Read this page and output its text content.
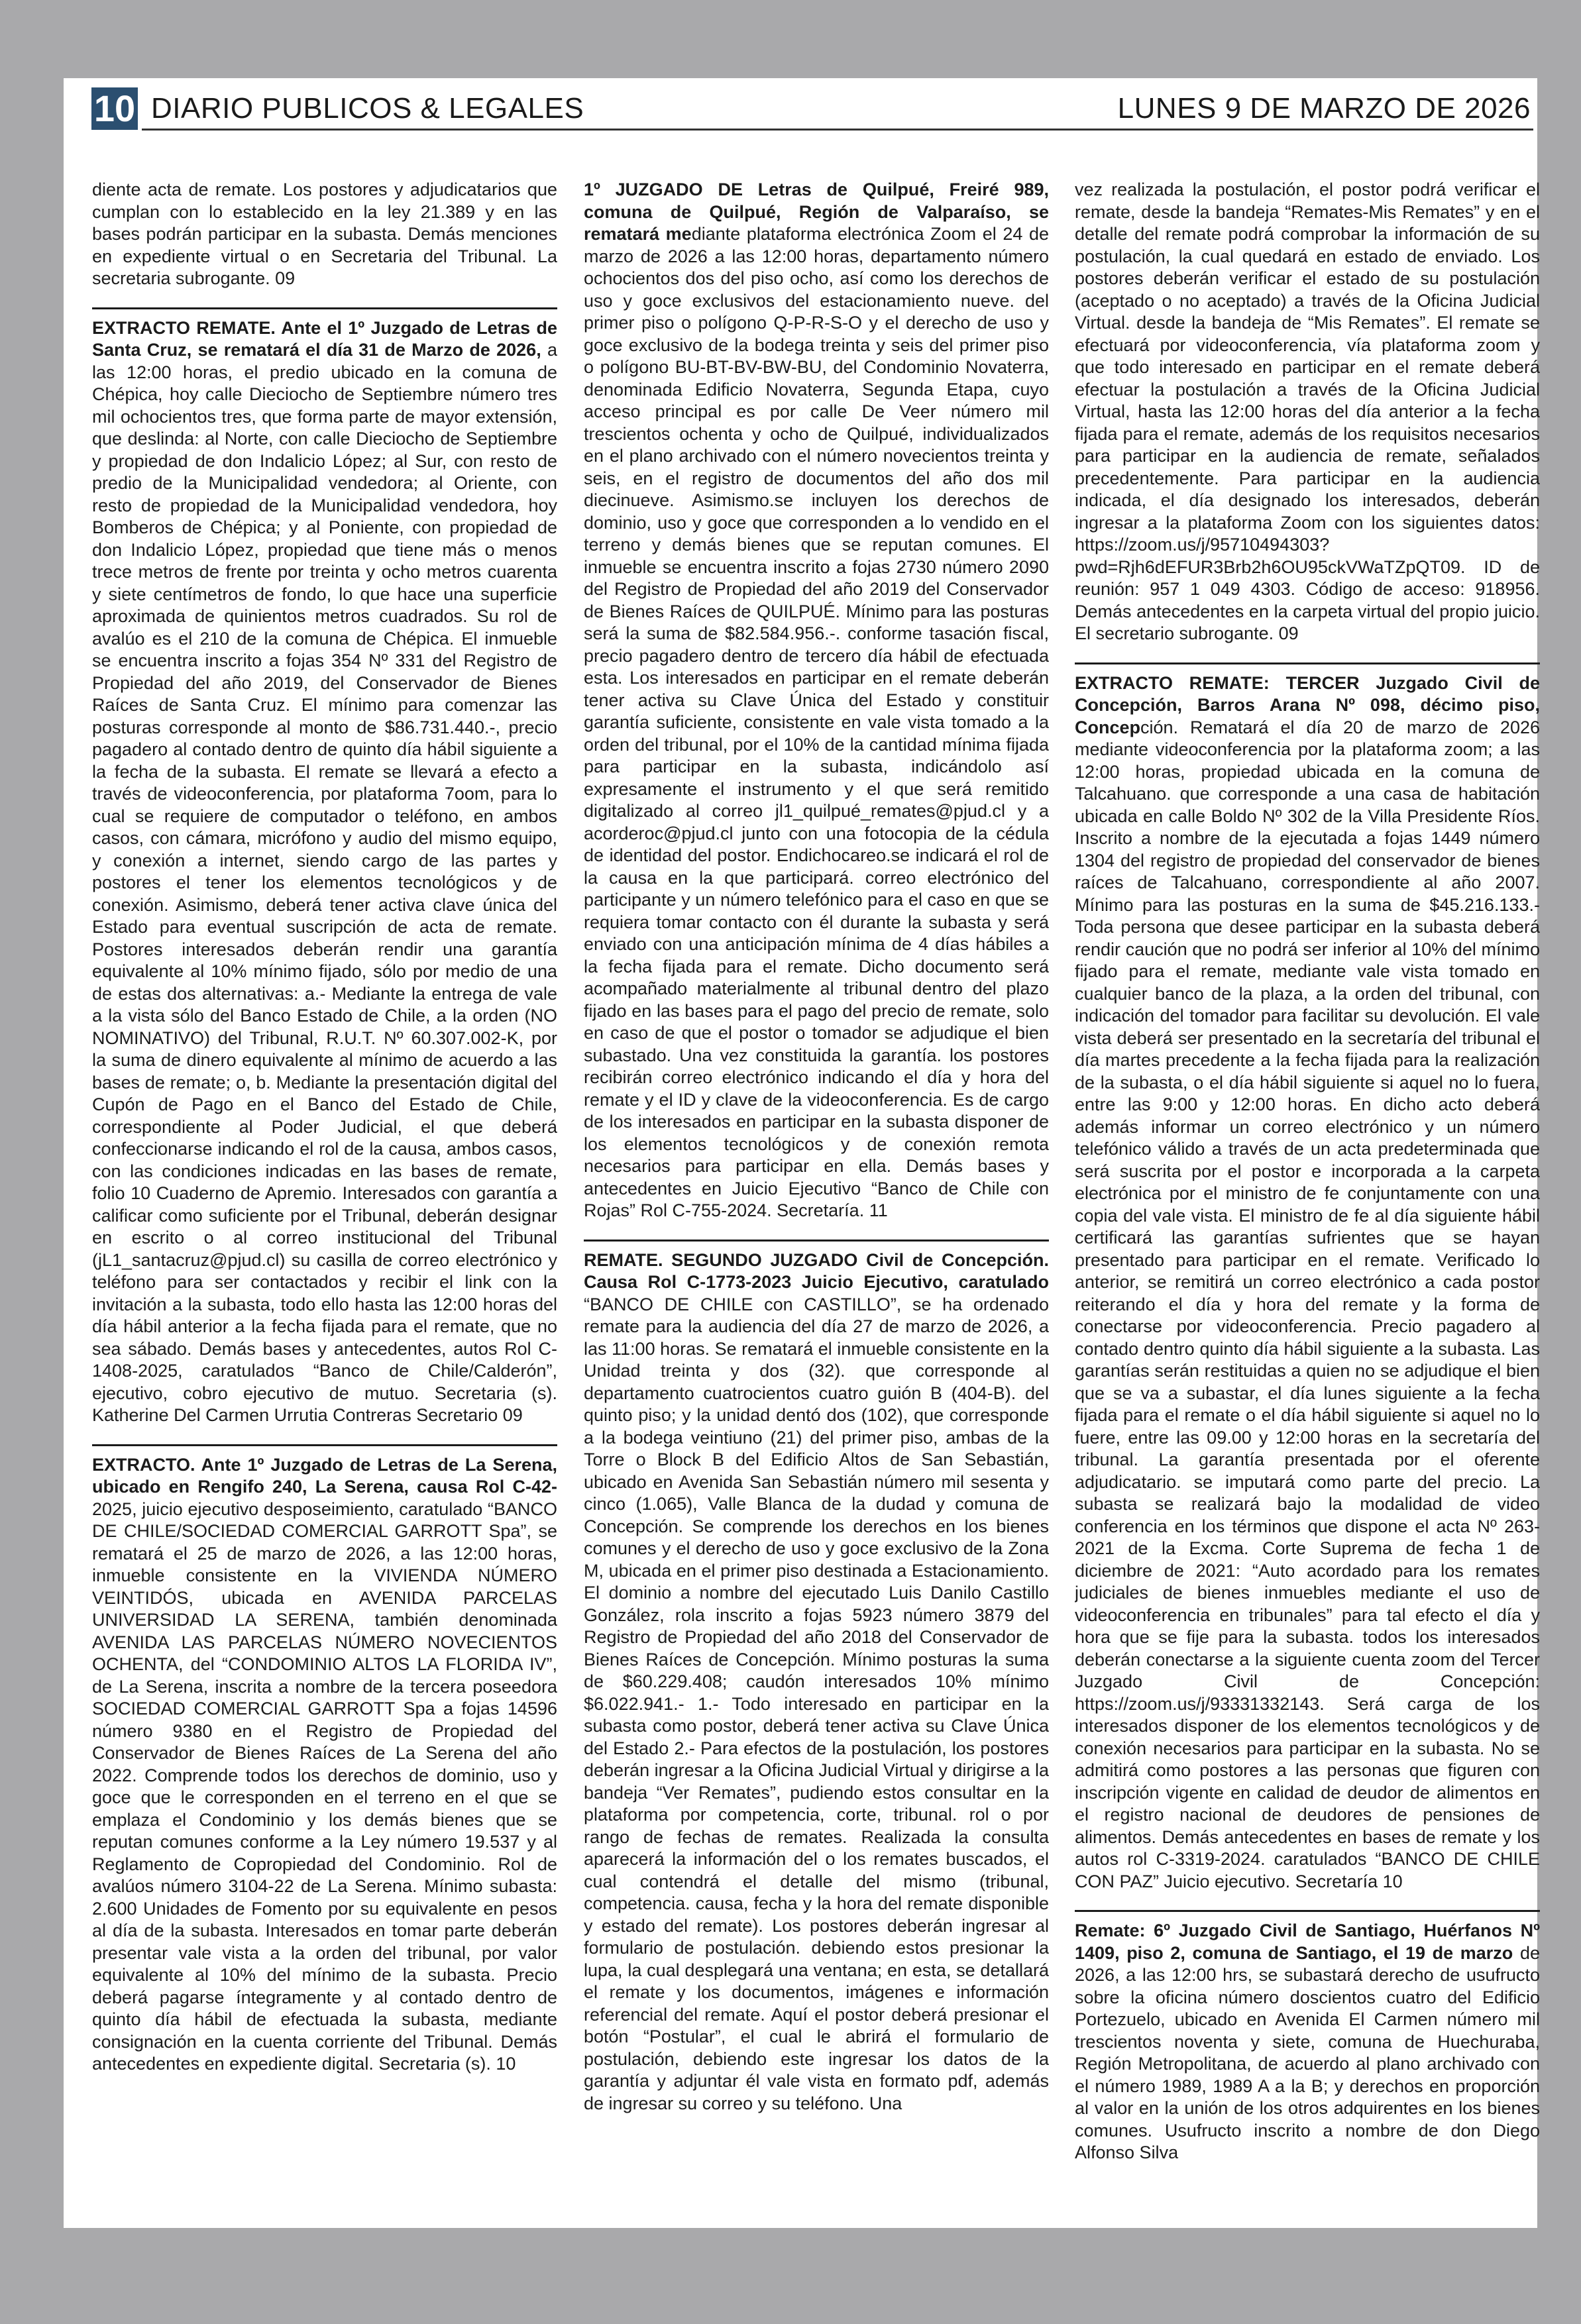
10 DIARIO PUBLICOS & LEGALES	LUNES 9 DE MARZO DE 2026

diente acta de remate. Los postores y adjudicatarios que cumplan con lo establecido en la ley 21.389 y en las bases podrán participar en la subasta. Demás menciones en expediente virtual o en Secretaria del Tribunal. La secretaria subrogante. 09

EXTRACTO REMATE. Ante el 1º Juzgado de Letras de Santa Cruz, se rematará el día 31 de Marzo de 2026, a las 12:00 horas, el predio ubicado en la comuna de Chépica, hoy calle Dieciocho de Septiembre número tres mil ochocientos tres, que forma parte de mayor extensión, que deslinda: al Norte, con calle Dieciocho de Septiembre y propiedad de don Indalicio López; al Sur, con resto de predio de la Municipalidad vendedora; al Oriente, con resto de propiedad de la Municipalidad vendedora, hoy Bomberos de Chépica; y al Poniente, con propiedad de don Indalicio López, propiedad que tiene más o menos trece metros de frente por treinta y ocho metros cuarenta y siete centímetros de fondo, lo que hace una superficie aproximada de quinientos metros cuadrados. Su rol de avalúo es el 210 de la comuna de Chépica. El inmueble se encuentra inscrito a fojas 354 Nº 331 del Registro de Propiedad del año 2019, del Conservador de Bienes Raíces de Santa Cruz. El mínimo para comenzar las posturas corresponde al monto de $86.731.440.-, precio pagadero al contado dentro de quinto día hábil siguiente a la fecha de la subasta. El remate se llevará a efecto a través de videoconferencia, por plataforma 7oom, para lo cual se requiere de computador o teléfono, en ambos casos, con cámara, micrófono y audio del mismo equipo, y conexión a internet, siendo cargo de las partes y postores el tener los elementos tecnológicos y de conexión. Asimismo, deberá tener activa clave única del Estado para eventual suscripción de acta de remate. Postores interesados deberán rendir una garantía equivalente al 10% mínimo fijado, sólo por medio de una de estas dos alternativas: a.- Mediante la entrega de vale a la vista sólo del Banco Estado de Chile, a la orden (NO NOMINATIVO) del Tribunal, R.U.T. Nº 60.307.002-K, por la suma de dinero equivalente al mínimo de acuerdo a las bases de remate; o, b. Mediante la presentación digital del Cupón de Pago en el Banco del Estado de Chile, correspondiente al Poder Judicial, el que deberá confeccionarse indicando el rol de la causa, ambos casos, con las condiciones indicadas en las bases de remate, folio 10 Cuaderno de Apremio. Interesados con garantía a calificar como suficiente por el Tribunal, deberán designar en escrito o al correo institucional del Tribunal (jL1_santacruz@pjud.cl) su casilla de correo electrónico y teléfono para ser contactados y recibir el link con la invitación a la subasta, todo ello hasta las 12:00 horas del día hábil anterior a la fecha fijada para el remate, que no sea sábado. Demás bases y antecedentes, autos Rol C-1408-2025, caratulados “Banco de Chile/Calderón”, ejecutivo, cobro ejecutivo de mutuo. Secretaria (s). Katherine Del Carmen Urrutia Contreras Secretario 09

EXTRACTO. Ante 1º Juzgado de Letras de La Serena, ubicado en Rengifo 240, La Serena, causa Rol C-42-2025, juicio ejecutivo desposeimiento, caratulado “BANCO DE CHILE/SOCIEDAD COMERCIAL GARROTT Spa”, se rematará el 25 de marzo de 2026, a las 12:00 horas, inmueble consistente en la VIVIENDA NÚMERO VEINTIDÓS, ubicada en AVENIDA PARCELAS UNIVERSIDAD LA SERENA, también denominada AVENIDA LAS PARCELAS NÚMERO NOVECIENTOS OCHENTA, del “CONDOMINIO ALTOS LA FLORIDA IV”, de La Serena, inscrita a nombre de la tercera poseedora SOCIEDAD COMERCIAL GARROTT Spa a fojas 14596 número 9380 en el Registro de Propiedad del Conservador de Bienes Raíces de La Serena del año 2022. Comprende todos los derechos de dominio, uso y goce que le corresponden en el terreno en el que se emplaza el Condominio y los demás bienes que se reputan comunes conforme a la Ley número 19.537 y al Reglamento de Copropiedad del Condominio. Rol de avalúos número 3104-22 de La Serena. Mínimo subasta: 2.600 Unidades de Fomento por su equivalente en pesos al día de la subasta. Interesados en tomar parte deberán presentar vale vista a la orden del tribunal, por valor equivalente al 10% del mínimo de la subasta. Precio deberá pagarse íntegramente y al contado dentro de quinto día hábil de efectuada la subasta, mediante consignación en la cuenta corriente del Tribunal. Demás antecedentes en expediente digital. Secretaria (s). 10

1º JUZGADO DE Letras de Quilpué, Freiré 989, comuna de Quilpué, Región de Valparaíso, se rematará mediante plataforma electrónica Zoom el 24 de marzo de 2026 a las 12:00 horas, departamento número ochocientos dos del piso ocho, así como los derechos de uso y goce exclusivos del estacionamiento nueve. del primer piso o polígono Q-P-R-S-O y el derecho de uso y goce exclusivo de la bodega treinta y seis del primer piso o polígono BU-BT-BV-BW-BU, del Condominio Novaterra, denominada Edificio Novaterra, Segunda Etapa, cuyo acceso principal es por calle De Veer número mil trescientos ochenta y ocho de Quilpué, individualizados en el plano archivado con el número novecientos treinta y seis, en el registro de documentos del año dos mil diecinueve. Asimismo.se incluyen los derechos de dominio, uso y goce que corresponden a lo vendido en el terreno y demás bienes que se reputan comunes. El inmueble se encuentra inscrito a fojas 2730 número 2090 del Registro de Propiedad del año 2019 del Conservador de Bienes Raíces de QUILPUÉ. Mínimo para las posturas será la suma de $82.584.956.-. conforme tasación fiscal, precio pagadero dentro de tercero día hábil de efectuada esta. Los interesados en participar en el remate deberán tener activa su Clave Única del Estado y constituir garantía suficiente, consistente en vale vista tomado a la orden del tribunal, por el 10% de la cantidad mínima fijada para participar en la subasta, indicándolo así expresamente el instrumento y el que será remitido digitalizado al correo jl1_quilpué_remates@pjud.cl y a acorderoc@pjud.cl junto con una fotocopia de la cédula de identidad del postor. Endichocareo.se indicará el rol de la causa en la que participará. correo electrónico del participante y un número telefónico para el caso en que se requiera tomar contacto con él durante la subasta y será enviado con una anticipación mínima de 4 días hábiles a la fecha fijada para el remate. Dicho documento será acompañado materialmente al tribunal dentro del plazo fijado en las bases para el pago del precio de remate, solo en caso de que el postor o tomador se adjudique el bien subastado. Una vez constituida la garantía. los postores recibirán correo electrónico indicando el día y hora del remate y el ID y clave de la videoconferencia. Es de cargo de los interesados en participar en la subasta disponer de los elementos tecnológicos y de conexión remota necesarios para participar en ella. Demás bases y antecedentes en Juicio Ejecutivo “Banco de Chile con Rojas” Rol C-755-2024. Secretaría. 11

REMATE. SEGUNDO JUZGADO Civil de Concepción. Causa Rol C-1773-2023 Juicio Ejecutivo, caratulado “BANCO DE CHILE con CASTILLO”, se ha ordenado remate para la audiencia del día 27 de marzo de 2026, a las 11:00 horas. Se rematará el inmueble consistente en la Unidad treinta y dos (32). que corresponde al departamento cuatrocientos cuatro guión B (404-B). del quinto piso; y la unidad dentó dos (102), que corresponde a la bodega veintiuno (21) del primer piso, ambas de la Torre o Block B del Edificio Altos de San Sebastián, ubicado en Avenida San Sebastián número mil sesenta y cinco (1.065), Valle Blanca de la dudad y comuna de Concepción. Se comprende los derechos en los bienes comunes y el derecho de uso y goce exclusivo de la Zona M, ubicada en el primer piso destinada a Estacionamiento. El dominio a nombre del ejecutado Luis Danilo Castillo González, rola inscrito a fojas 5923 número 3879 del Registro de Propiedad del año 2018 del Conservador de Bienes Raíces de Concepción. Mínimo posturas la suma de $60.229.408; caudón interesados 10% mínimo $6.022.941.- 1.- Todo interesado en participar en la subasta como postor, deberá tener activa su Clave Única del Estado 2.- Para efectos de la postulación, los postores deberán ingresar a la Oficina Judicial Virtual y dirigirse a la bandeja “Ver Remates”, pudiendo estos consultar en la plataforma por competencia, corte, tribunal. rol o por rango de fechas de remates. Realizada la consulta aparecerá la información del o los remates buscados, el cual contendrá el detalle del mismo (tribunal, competencia. causa, fecha y la hora del remate disponible y estado del remate). Los postores deberán ingresar al formulario de postulación. debiendo estos presionar la lupa, la cual desplegará una ventana; en esta, se detallará el remate y los documentos, imágenes e información referencial del remate. Aquí el postor deberá presionar el botón “Postular”, el cual le abrirá el formulario de postulación, debiendo este ingresar los datos de la garantía y adjuntar él vale vista en formato pdf, además de ingresar su correo y su teléfono. Una

vez realizada la postulación, el postor podrá verificar el remate, desde la bandeja “Remates-Mis Remates” y en el detalle del remate podrá comprobar la información de su postulación, la cual quedará en estado de enviado. Los postores deberán verificar el estado de su postulación (aceptado o no aceptado) a través de la Oficina Judicial Virtual. desde la bandeja de “Mis Remates”. El remate se efectuará por videoconferencia, vía plataforma zoom y que todo interesado en participar en el remate deberá efectuar la postulación a través de la Oficina Judicial Virtual, hasta las 12:00 horas del día anterior a la fecha fijada para el remate, además de los requisitos necesarios para participar en la audiencia de remate, señalados precedentemente. Para participar en la audiencia indicada, el día designado los interesados, deberán ingresar a la plataforma Zoom con los siguientes datos: https://zoom.us/j/95710494303?pwd=Rjh6dEFUR3Brb2h6OU95ckVWaTZpQT09. ID de reunión: 957 1 049 4303. Código de acceso: 918956. Demás antecedentes en la carpeta virtual del propio juicio. El secretario subrogante. 09

EXTRACTO REMATE: TERCER Juzgado Civil de Concepción, Barros Arana Nº 098, décimo piso, Concepción. Rematará el día 20 de marzo de 2026 mediante videoconferencia por la plataforma zoom; a las 12:00 horas, propiedad ubicada en la comuna de Talcahuano. que corresponde a una casa de habitación ubicada en calle Boldo Nº 302 de la Villa Presidente Ríos. Inscrito a nombre de la ejecutada a fojas 1449 número 1304 del registro de propiedad del conservador de bienes raíces de Talcahuano, correspondiente al año 2007. Mínimo para las posturas en la suma de $45.216.133.-Toda persona que desee participar en la subasta deberá rendir caución que no podrá ser inferior al 10% del mínimo fijado para el remate, mediante vale vista tomado en cualquier banco de la plaza, a la orden del tribunal, con indicación del tomador para facilitar su devolución. El vale vista deberá ser presentado en la secretaría del tribunal el día martes precedente a la fecha fijada para la realización de la subasta, o el día hábil siguiente si aquel no lo fuera, entre las 9:00 y 12:00 horas. En dicho acto deberá además informar un correo electrónico y un número telefónico válido a través de un acta predeterminada que será suscrita por el postor e incorporada a la carpeta electrónica por el ministro de fe conjuntamente con una copia del vale vista. El ministro de fe al día siguiente hábil certificará las garantías sufrientes que se hayan presentado para participar en el remate. Verificado lo anterior, se remitirá un correo electrónico a cada postor reiterando el día y hora del remate y la forma de conectarse por videoconferencia. Precio pagadero al contado dentro quinto día hábil siguiente a la subasta. Las garantías serán restituidas a quien no se adjudique el bien que se va a subastar, el día lunes siguiente a la fecha fijada para el remate o el día hábil siguiente si aquel no lo fuere, entre las 09.00 y 12:00 horas en la secretaría del tribunal. La garantía presentada por el oferente adjudicatario. se imputará como parte del precio. La subasta se realizará bajo la modalidad de video conferencia en los términos que dispone el acta Nº 263-2021 de la Excma. Corte Suprema de fecha 1 de diciembre de 2021: “Auto acordado para los remates judiciales de bienes inmuebles mediante el uso de videoconferencia en tribunales” para tal efecto el día y hora que se fije para la subasta. todos los interesados deberán conectarse a la siguiente cuenta zoom del Tercer Juzgado Civil de Concepción: https://zoom.us/j/93331332143. Será carga de los interesados disponer de los elementos tecnológicos y de conexión necesarios para participar en la subasta. No se admitirá como postores a las personas que figuren con inscripción vigente en calidad de deudor de alimentos en el registro nacional de deudores de pensiones de alimentos. Demás antecedentes en bases de remate y los autos rol C-3319-2024. caratulados “BANCO DE CHILE CON PAZ” Juicio ejecutivo. Secretaría 10

Remate: 6º Juzgado Civil de Santiago, Huérfanos Nº 1409, piso 2, comuna de Santiago, el 19 de marzo de 2026, a las 12:00 hrs, se subastará derecho de usufructo sobre la oficina número doscientos cuatro del Edificio Portezuelo, ubicado en Avenida El Carmen número mil trescientos noventa y siete, comuna de Huechuraba, Región Metropolitana, de acuerdo al plano archivado con el número 1989, 1989 A a la B; y derechos en proporción al valor en la unión de los otros adquirentes en los bienes comunes. Usufructo inscrito a nombre de don Diego Alfonso Silva
